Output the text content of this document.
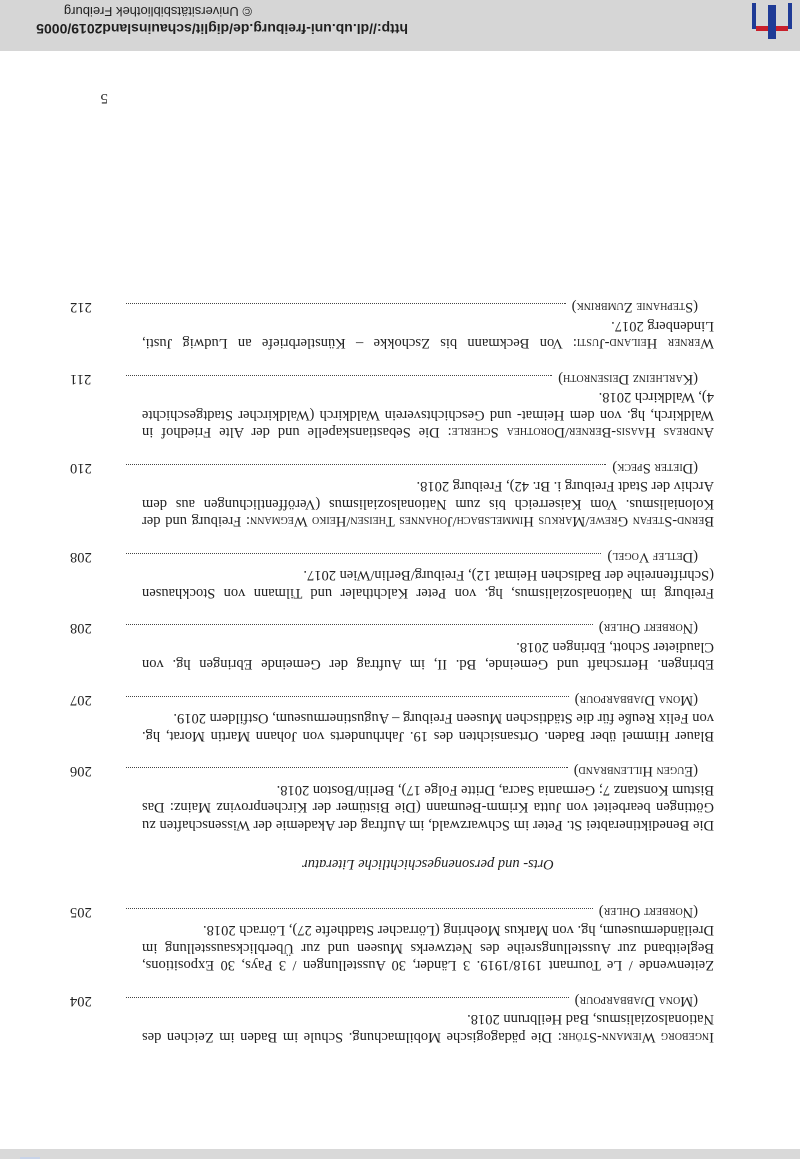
5
Ingeborg Wiemann-Stöhr: Die pädagogische Mobilmachung. Schule im Baden im Zeichen des Nationalsozialismus, Bad Heilbrunn 2018.
(Mona Djabbarpour)
204
Zeitenwende / Le Tournant 1918/1919. 3 Länder, 30 Ausstellungen / 3 Pays, 30 Expositions, Begleitband zur Ausstellungsreihe des Netzwerks Museen und zur Überblicksausstellung im Dreiländermuseum, hg. von Markus Moehring (Lörracher Stadthefte 27), Lörrach 2018.
(Norbert Ohler)
205
Orts- und personengeschichtliche Literatur
Die Benediktinerabtei St. Peter im Schwarzwald, im Auftrag der Akademie der Wissenschaften zu Göttingen bearbeitet von Jutta Krimm-Beumann (Die Bistümer der Kirchenprovinz Mainz: Das Bistum Konstanz 7; Germania Sacra, Dritte Folge 17), Berlin/Boston 2018.
(Eugen Hillenbrand)
206
Blauer Himmel über Baden. Ortsansichten des 19. Jahrhunderts von Johann Martin Morat, hg. von Felix Reuße für die Städtischen Museen Freiburg – Augustinermuseum, Ostfildern 2019.
(Mona Djabbarpour)
207
Ebringen. Herrschaft und Gemeinde, Bd. II, im Auftrag der Gemeinde Ebringen hg. von Claudieter Schott, Ebringen 2018.
(Norbert Ohler)
208
Freiburg im Nationalsozialismus, hg. von Peter Kalchthaler und Tilmann von Stockhausen (Schriftenreihe der Badischen Heimat 12), Freiburg/Berlin/Wien 2017.
(Detlef Vogel)
208
Bernd-Stefan Grewe/Markus Himmelsbach/Johannes Theisen/Heiko Wegmann: Freiburg und der Kolonialismus. Vom Kaiserreich bis zum Nationalsozialismus (Veröffentlichungen aus dem Archiv der Stadt Freiburg i. Br. 42), Freiburg 2018.
(Dieter Speck)
210
Andreas Haasis-Berner/Dorothea Scherle: Die Sebastianskapelle und der Alte Friedhof in Waldkirch, hg. von dem Heimat- und Geschichtsverein Waldkirch (Waldkircher Stadtgeschichte 4), Waldkirch 2018.
(Karlheinz Deisenroth)
211
Werner Heiland-Justi: Von Beckmann bis Zschokke – Künstlerbriefe an Ludwig Justi, Lindenberg 2017.
(Stephanie Zumbrink)
212
http://dl.ub.uni-freiburg.de/diglit/schauinsland2019/0005
© Universitätsbibliothek Freiburg
